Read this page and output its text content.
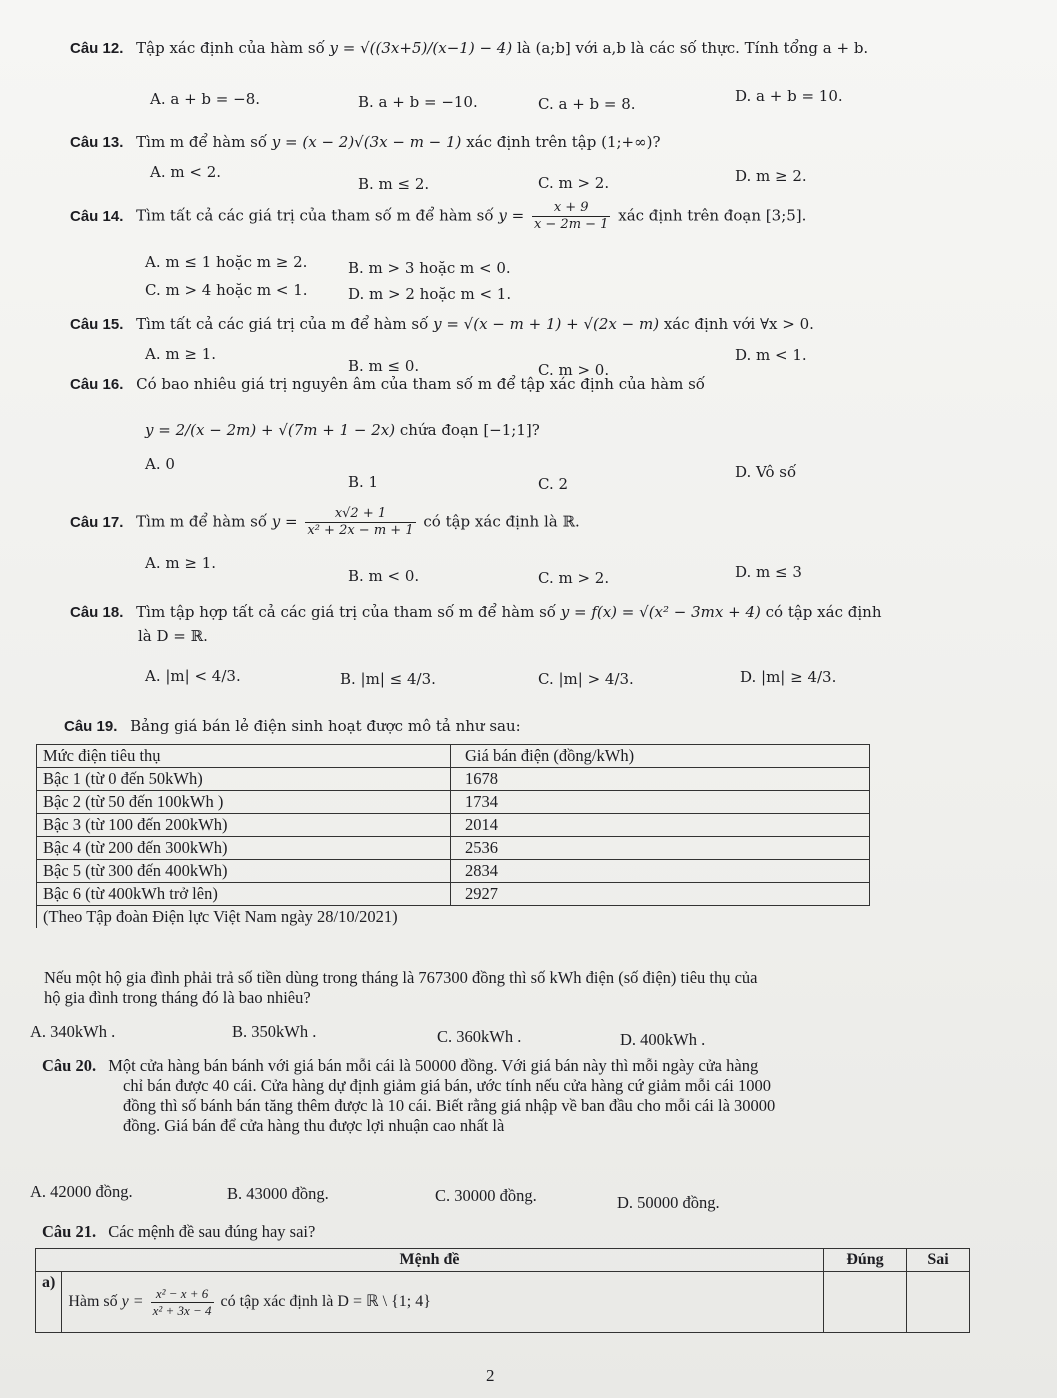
Câu 12. Tập xác định của hàm số y = √((3x+5)/(x−1) − 4) là (a;b] với a,b là các số thực. Tính tổng a + b.
A. a + b = −8.	B. a + b = −10.	C. a + b = 8.	D. a + b = 10.
Câu 13. Tìm m để hàm số y = (x − 2)√(3x − m − 1) xác định trên tập (1;+∞)?
A. m < 2.
B. m ≤ 2.	C. m > 2.	D. m ≥ 2.
Câu 14. Tìm tất cả các giá trị của tham số m để hàm số $y = \frac{x + 9}{x - 2m - 1}$ xác định trên đoạn [3;5].
A. m ≤ 1 hoặc m ≥ 2.	B. m > 3 hoặc m < 0.
C. m > 4 hoặc m < 1.	D. m > 2 hoặc m < 1.
Câu 15. Tìm tất cả các giá trị của m để hàm số y = √(x − m + 1) + √(2x − m) xác định với ∀x > 0.
A. m ≥ 1.
B. m ≤ 0.	C. m > 0.
D. m < 1.
Câu 16. Có bao nhiêu giá trị nguyên âm của tham số m để tập xác định của hàm số
y = 2/(x − 2m) + √(7m + 1 − 2x) chứa đoạn [−1;1]?
A. 0
B. 1	C. 2
D. Vô số
Câu 17. Tìm m để hàm số $y = \frac{x√2 + 1}{\text{x² + 2x − m + 1}}$ có tập xác định là ℝ.
A. m ≥ 1.
B. m < 0.	C. m > 2.	D. m ≤ 3
Câu 18. Tìm tập hợp tất cả các giá trị của tham số m để hàm số y = f(x) = √(x² − 3mx + 4) có tập xác định
là D = ℝ.
A. |m| < 4/3.	B. |m| ≤ 4/3.	C. |m| > 4/3.	D. |m| ≥ 4/3.
Câu 19. Bảng giá bán lẻ điện sinh hoạt được mô tả như sau:
Mức điện tiêu thụ	Giá bán điện (đồng/kWh)
Bậc 1 (từ 0 đến 50kWh)	1678
Bậc 2 (từ 50 đến 100kWh )	1734
Bậc 3 (từ 100 đến 200kWh)	2014
Bậc 4 (từ 200 đến 300kWh)	2536
Bậc 5 (từ 300 đến 400kWh)	2834
Bậc 6 (từ 400kWh trở lên)	2927
(Theo Tập đoàn Điện lực Việt Nam ngày 28/10/2021)	
Nếu một hộ gia đình phải trả số tiền dùng trong tháng là 767300 đồng thì số kWh điện (số điện) tiêu thụ của
hộ gia đình trong tháng đó là bao nhiêu?
A. 340kWh .	B. 350kWh .	C. 360kWh .	D. 400kWh .
Câu 20. Một cửa hàng bán bánh với giá bán mỗi cái là 50000 đồng. Với giá bán này thì mỗi ngày cửa hàng
chỉ bán được 40 cái. Cửa hàng dự định giảm giá bán, ước tính nếu cửa hàng cứ giảm mỗi cái 1000
đồng thì số bánh bán tăng thêm được là 10 cái. Biết rằng giá nhập về ban đầu cho mỗi cái là 30000
đồng. Giá bán để cửa hàng thu được lợi nhuận cao nhất là
A. 42000 đồng.	B. 43000 đồng.	C. 30000 đồng.	D. 50000 đồng.
Câu 21. Các mệnh đề sau đúng hay sai?
Mệnh đề		Đúng	Sai
a)	Hàm số $y = \frac{\text{x² − x + 6}}{\text{x² + 3x − 4}}$ có tập xác định là D = ℝ \ {1; 4}		
2
